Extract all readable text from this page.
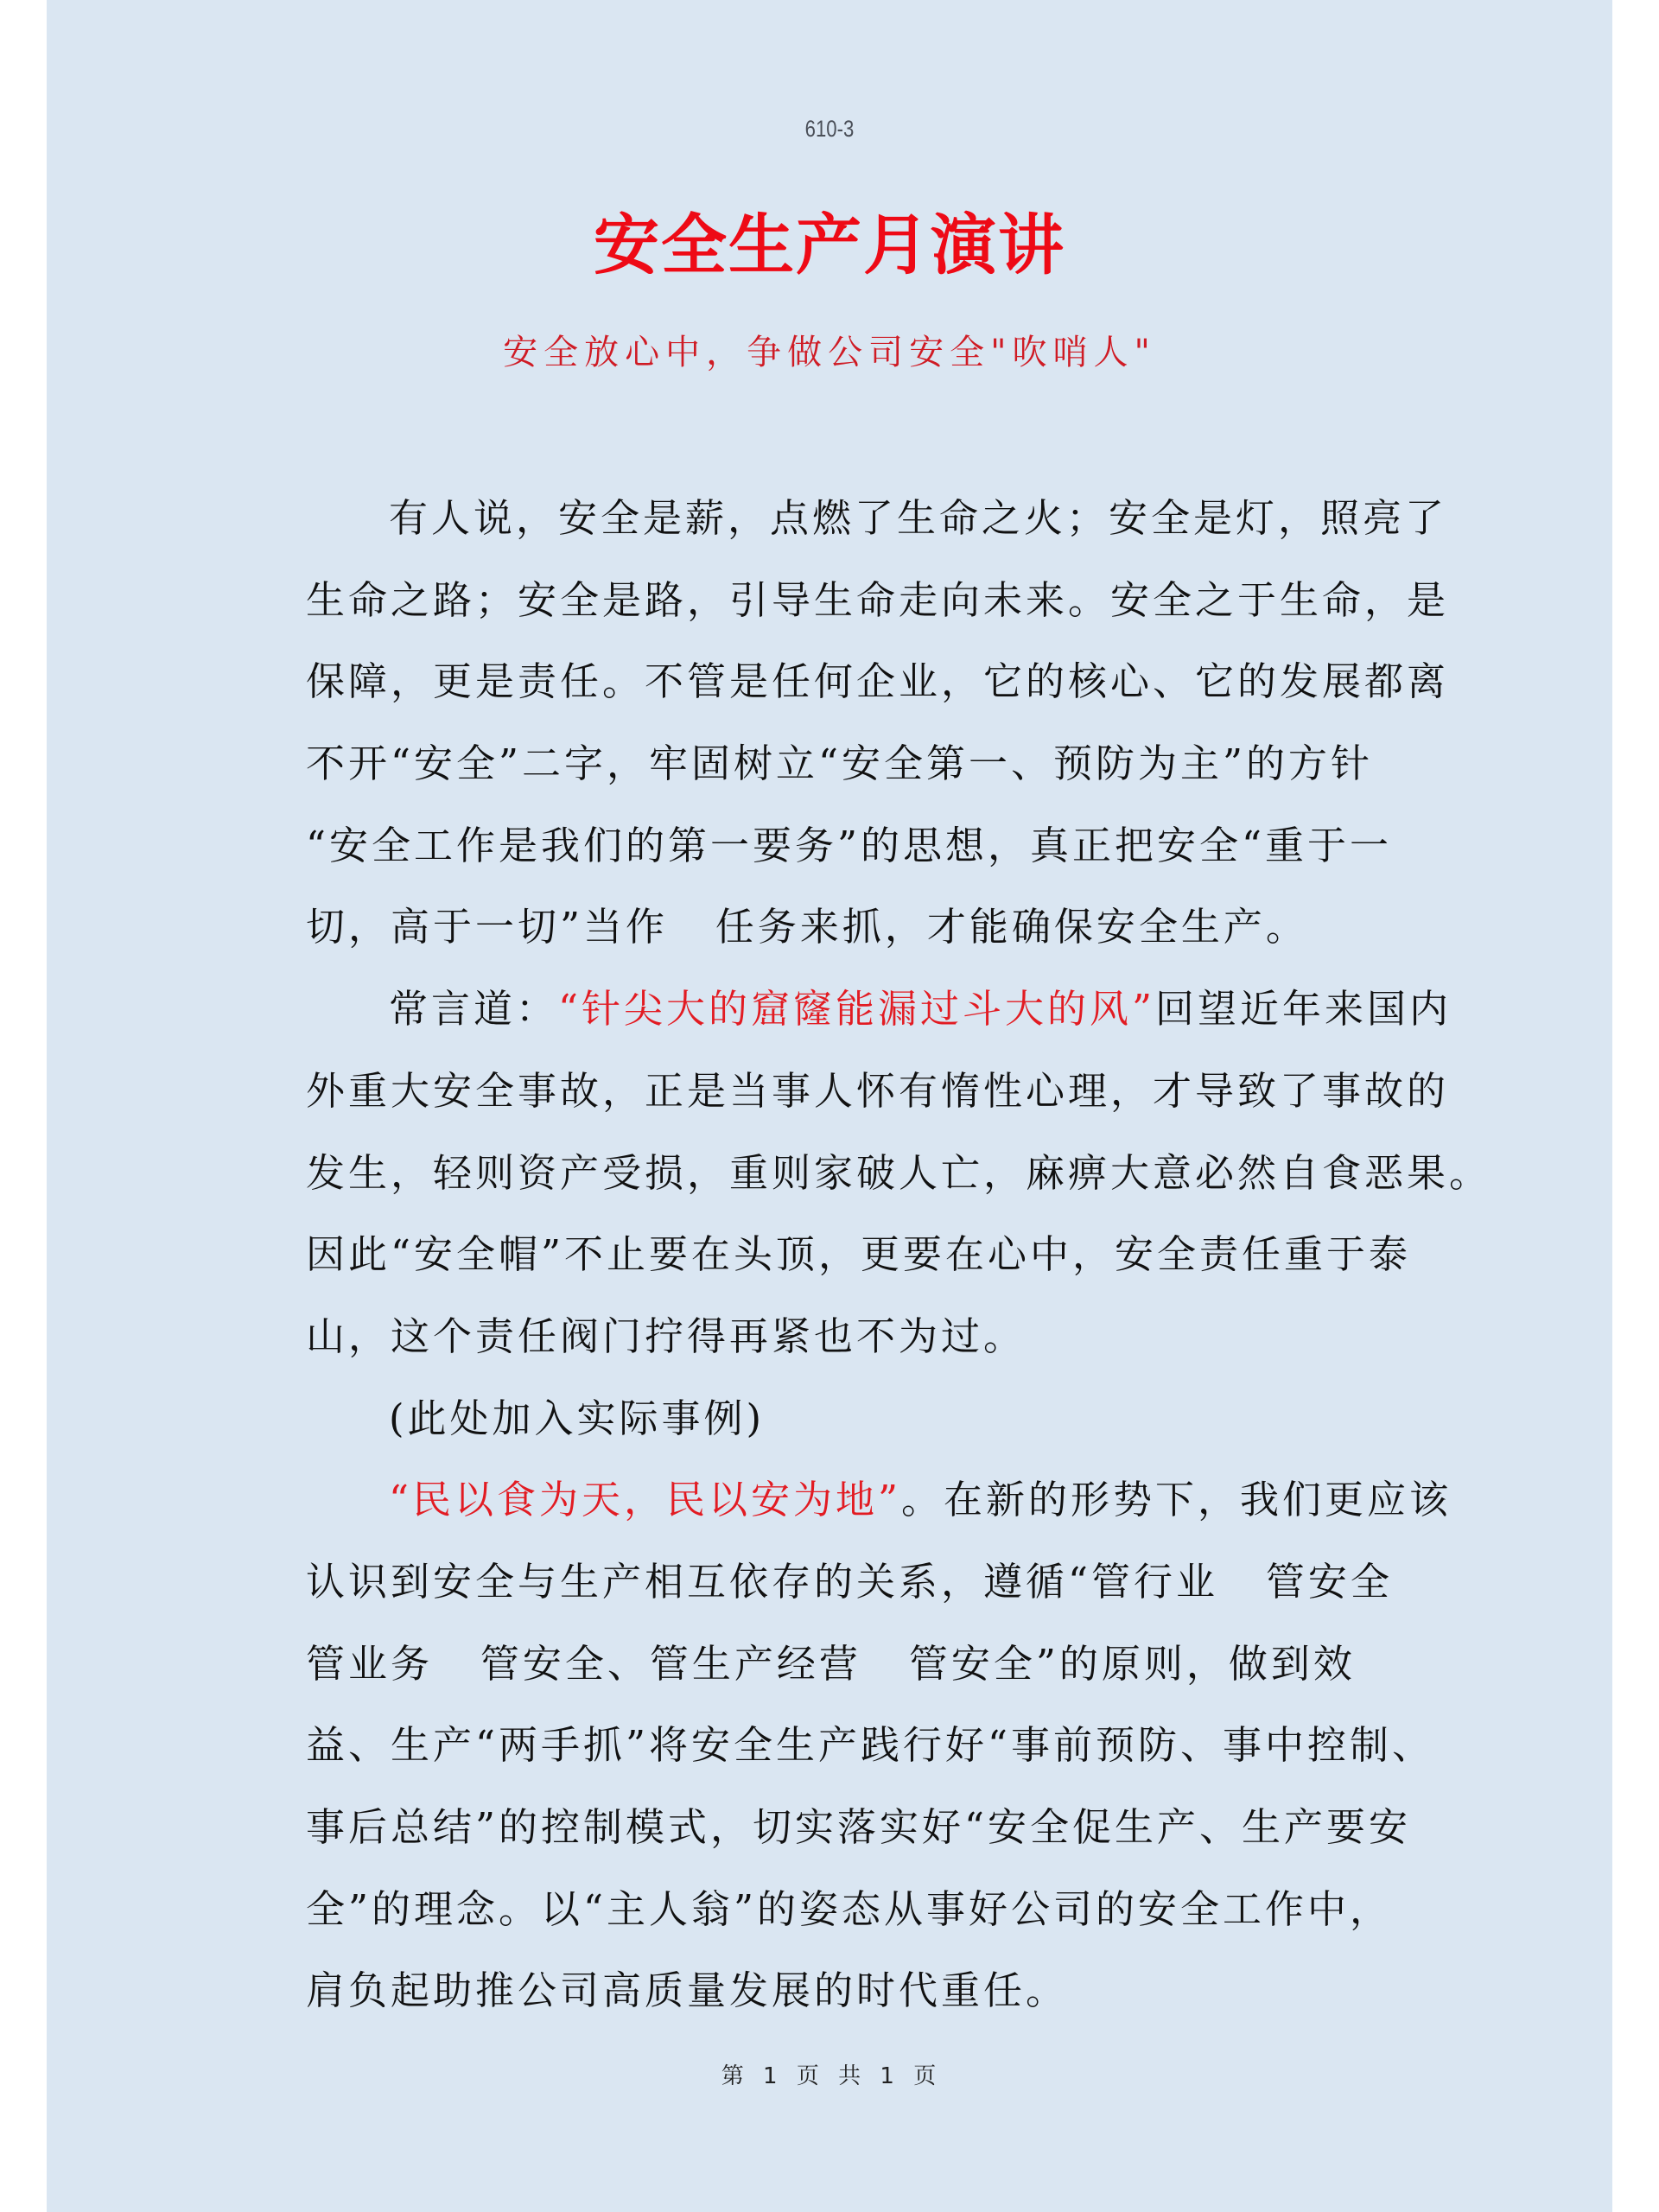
610-3
安全生产月演讲
安全放心中，争做公司安全"吹哨人"
有人说，安全是薪，点燃了生命之火；安全是灯，照亮了
生命之路；安全是路，引导生命走向未来。安全之于生命，是
保障，更是责任。不管是任何企业，它的核心、它的发展都离
不开“安全”二字，牢固树立“安全第一、预防为主”的方针
“安全工作是我们的第一要务”的思想，真正把安全“重于一
切，高于一切”当作   任务来抓，才能确保安全生产。
常言道：“针尖大的窟窿能漏过斗大的风”回望近年来国内
外重大安全事故，正是当事人怀有惰性心理，才导致了事故的
发生，轻则资产受损，重则家破人亡，麻痹大意必然自食恶果。
因此“安全帽”不止要在头顶，更要在心中，安全责任重于泰
山，这个责任阀门拧得再紧也不为过。
(此处加入实际事例)
“民以食为天，民以安为地”。在新的形势下，我们更应该
认识到安全与生产相互依存的关系，遵循“管行业   管安全
管业务   管安全、管生产经营   管安全”的原则，做到效
益、生产“两手抓”将安全生产践行好“事前预防、事中控制、
事后总结”的控制模式，切实落实好“安全促生产、生产要安
全”的理念。以“主人翁”的姿态从事好公司的安全工作中，
肩负起助推公司高质量发展的时代重任。
第 1 页 共 1 页
